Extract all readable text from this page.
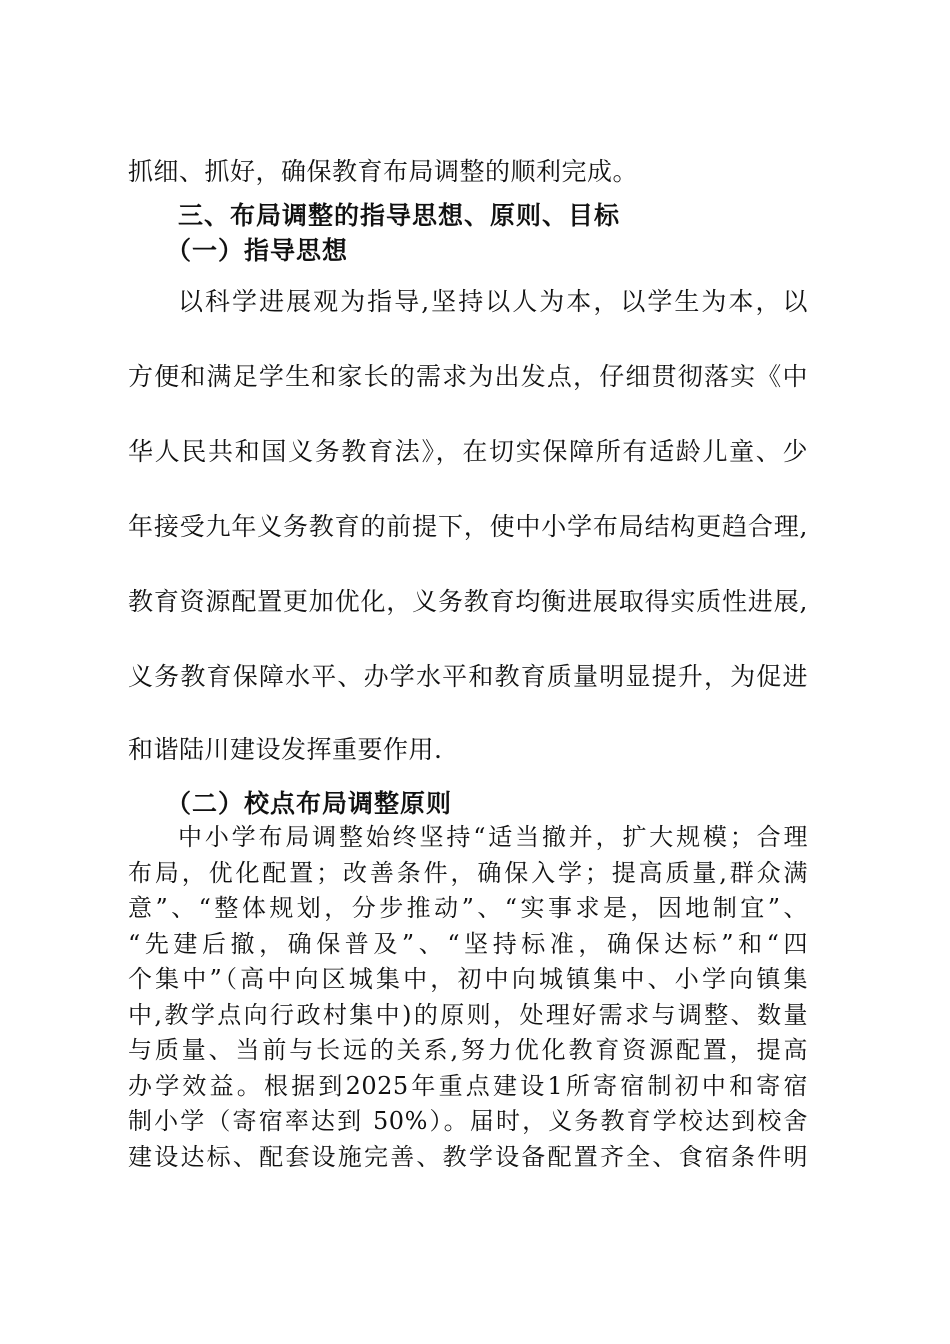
抓细、抓好，确保教育布局调整的顺利完成。
三、布局调整的指导思想、原则、目标
（一）指导思想
以科学进展观为指导,坚持以人为本，以学生为本，以
方便和满足学生和家长的需求为出发点，仔细贯彻落实《中
华人民共和国义务教育法》，在切实保障所有适龄儿童、少
年接受九年义务教育的前提下，使中小学布局结构更趋合理,
教育资源配置更加优化，义务教育均衡进展取得实质性进展,
义务教育保障水平、办学水平和教育质量明显提升，为促进
和谐陆川建设发挥重要作用.
（二）校点布局调整原则
中小学布局调整始终坚持“适当撤并，扩大规模；合理
布局，优化配置；改善条件，确保入学；提高质量,群众满
意”、“整体规划，分步推动”、“实事求是，因地制宜”、
“先建后撤，确保普及”、“坚持标准，确保达标”和“四
个集中”（高中向区城集中，初中向城镇集中、小学向镇集
中,教学点向行政村集中)的原则，处理好需求与调整、数量
与质量、当前与长远的关系,努力优化教育资源配置，提高
办学效益。根据到2025年重点建设1所寄宿制初中和寄宿
制小学（寄宿率达到 50%）。届时，义务教育学校达到校舍
建设达标、配套设施完善、教学设备配置齐全、食宿条件明
